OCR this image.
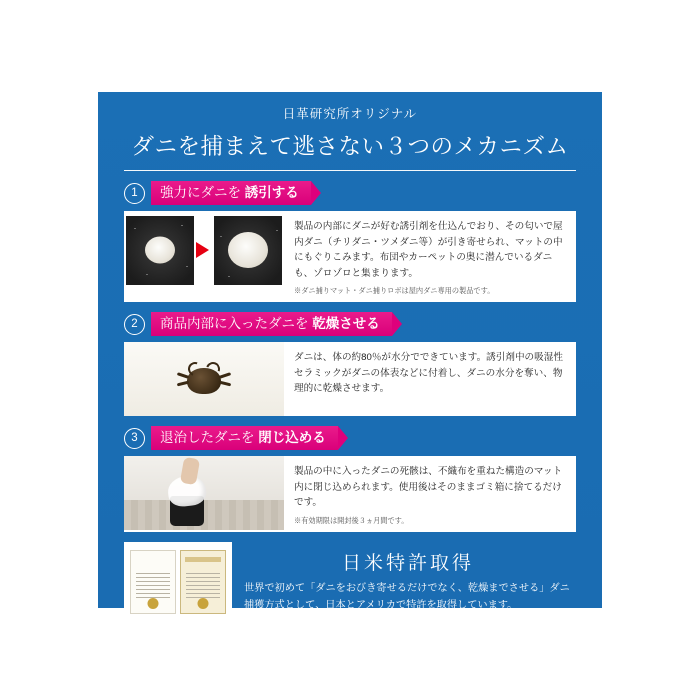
日革研究所オリジナル
ダニを捕まえて逃さない３つのメカニズム
1	強力にダニを 誘引する
製品の内部にダニが好む誘引剤を仕込んでおり、その匂いで屋内ダニ（チリダニ・ツメダニ等）が引き寄せられ、マットの中にもぐりこみます。布団やカーペットの奥に潜んでいるダニも、ゾロゾロと集まります。
※ダニ捕りマット・ダニ捕りロボは屋内ダニ専用の製品です。
2	商品内部に入ったダニを 乾燥させる
ダニは、体の約80％が水分でできています。誘引剤中の吸湿性セラミックがダニの体表などに付着し、ダニの水分を奪い、物理的に乾燥させます。
3	退治したダニを 閉じ込める
製品の中に入ったダニの死骸は、不織布を重ねた構造のマット内に閉じ込められます。使用後はそのままゴミ箱に捨てるだけです。
※有効期限は開封後３ヵ月間です。
日米特許取得
世界で初めて「ダニをおびき寄せるだけでなく、乾燥までさせる」ダニ捕獲方式として、日本とアメリカで特許を取得しています。
